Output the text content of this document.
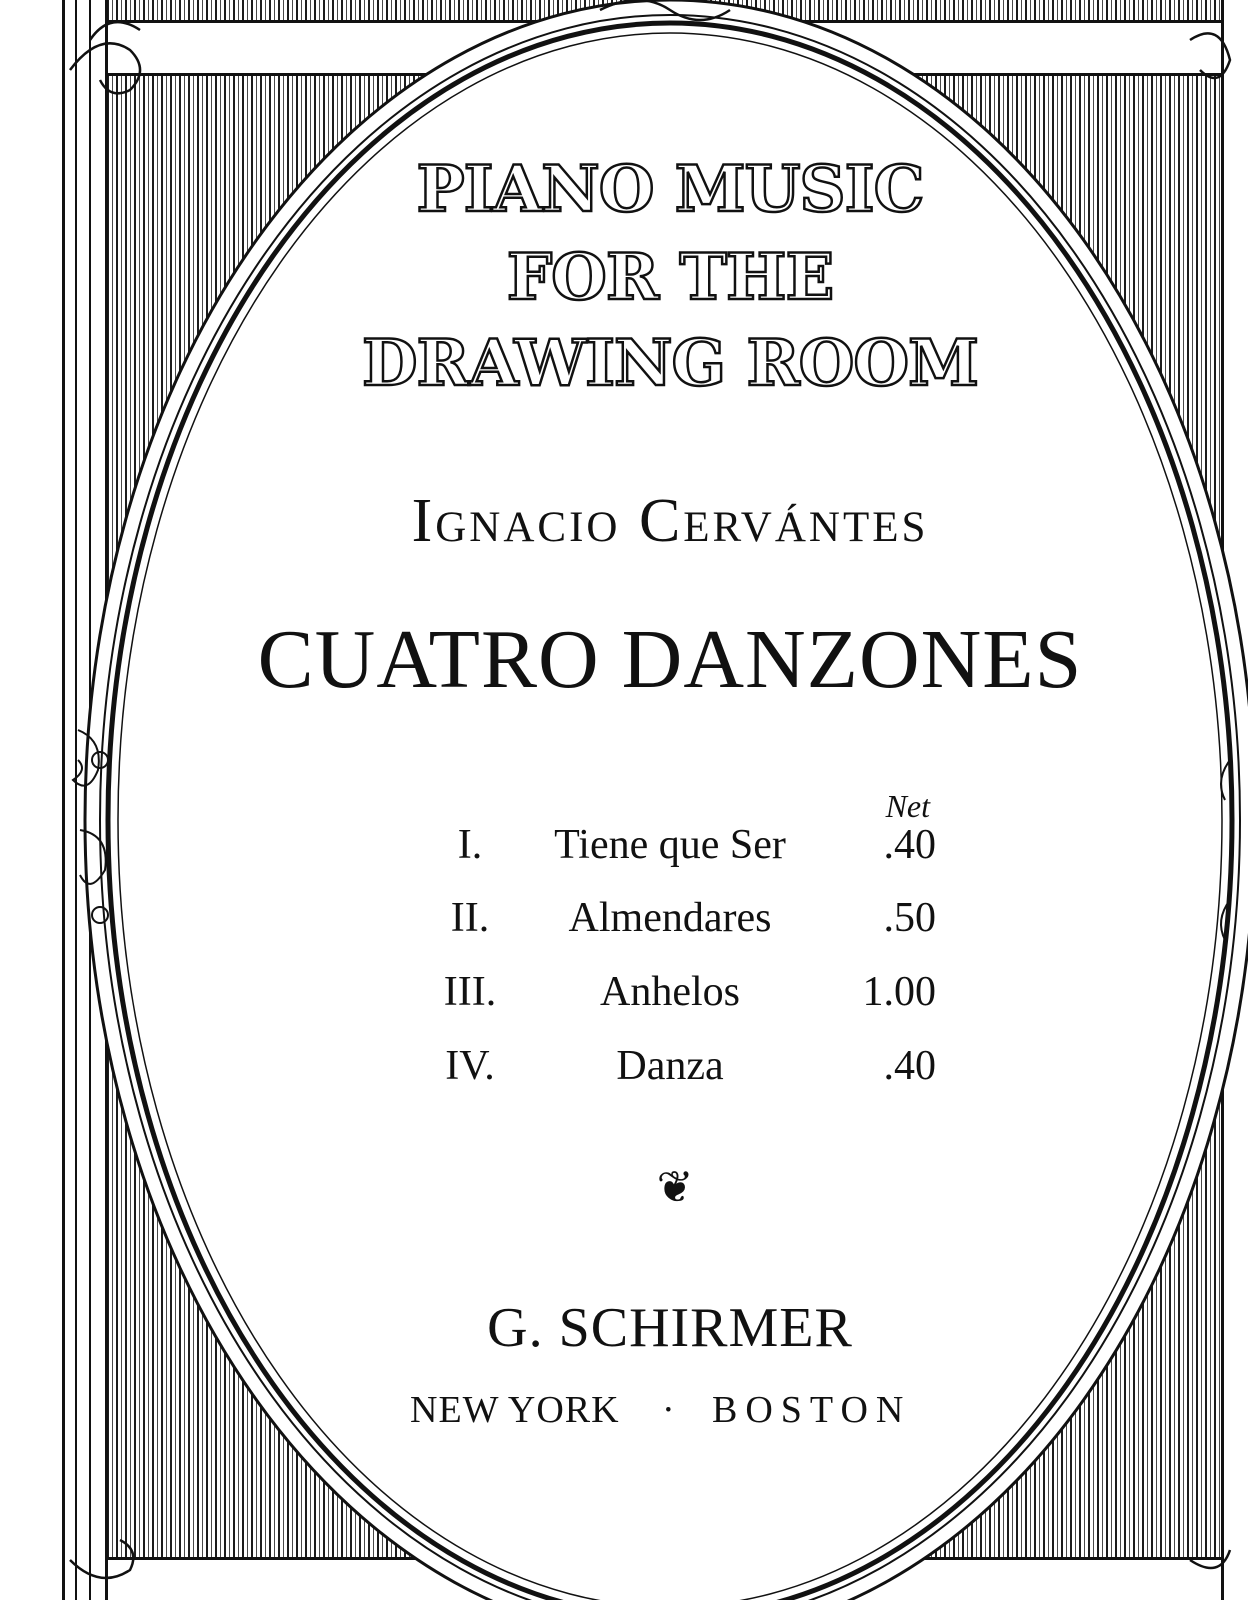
PIANO MUSIC
FOR THE
DRAWING ROOM
Ignacio Cervántes
CUATRO DANZONES
Net
I.	Tiene que Ser	.40
II.	Almendares	.50
III.	Anhelos	1.00
IV.	Danza	.40
❦
G. SCHIRMER
NEW YORK · BOSTON
